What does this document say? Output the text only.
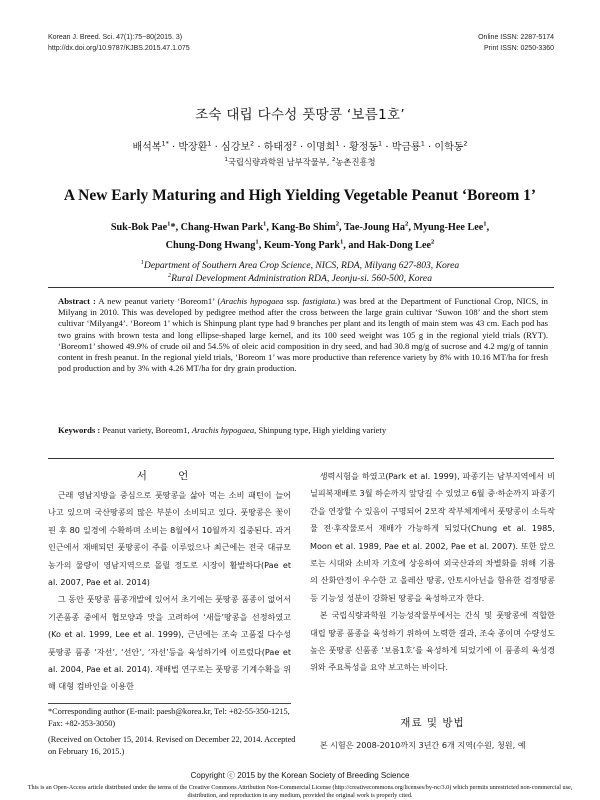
Korean J. Breed. Sci. 47(1):75~80(2015. 3)
http://dx.doi.org/10.9787/KJBS.2015.47.1.075
Online ISSN: 2287-5174
Print ISSN: 0250-3360
조숙 대립 다수성 풋땅콩 ‘보름1호’
배석복$^{1*}$ · 박장환$^1$ · 심강보$^2$ · 하태정$^2$ · 이명희$^1$ · 황정동$^1$ · 박금룡$^1$ · 이학동$^2$
$^1$국립식량과학원 남부작물부, $^2$농촌진흥청
A New Early Maturing and High Yielding Vegetable Peanut ‘Boreom 1’
Suk-Bok Pae$^1$*, Chang-Hwan Park$^1$, Kang-Bo Shim$^2$, Tae-Joung Ha$^2$, Myung-Hee Lee$^1$,
Chung-Dong Hwang$^1$, Keum-Yong Park$^1$, and Hak-Dong Lee$^2$
$^1$Department of Southern Area Crop Science, NICS, RDA, Milyang 627-803, Korea
$^2$Rural Development Administration RDA, Jeonju-si. 560-500, Korea
Abstract : A new peanut variety ‘Boreom1’ (Arachis hypogaea ssp. fastigiata.) was bred at the Department of Functional Crop, NICS, in Milyang in 2010. This was developed by pedigree method after the cross between the large grain cultivar ‘Suwon 108’ and the short stem cultivar ‘Milyang4’. ‘Boreom 1’ which is Shinpung plant type had 9 branches per plant and its length of main stem was 43 cm. Each pod has two grains with brown testa and long ellipse-shaped large kernel, and its 100 seed weight was 105 g in the regional yield trials (RYT). ‘Boreom1’ showed 49.9% of crude oil and 54.5% of oleic acid composition in dry seed, and had 30.8 mg/g of sucrose and 4.2 mg/g of tannin content in fresh peanut. In the regional yield trials, ‘Boreom 1’ was more productive than reference variety by 8% with 10.16 MT/ha for fresh pod production and by 3% with 4.26 MT/ha for dry grain production.
Keywords : Peanut variety, Boreom1, Arachis hypogaea, Shinpung type, High yielding variety
서 언

근래 영남지방을 중심으로 풋땅콩을 삶아 먹는 소비 패턴이 늘어 나고 있으며 국산땅콩의 많은 부분이 소비되고 있다. 풋땅콩은 꽃이 핀 후 80 일경에 수확하며 소비는 8월에서 10월까지 집중된다. 과거 인근에서 재배되던 풋땅콩이 주를 이루었으나 최근에는 전국 대규모 농가의 물량이 영남지역으로 몰릴 정도로 시장이 활발하다(Pae et al. 2007, Pae et al. 2014)

그 동안 풋땅콩 품종개발에 있어서 초기에는 풋땅콩 품종이 없어서 기존품종 중에서 협모양과 맛을 고려하여 ‘새들’땅콩을 선정하였고(Ko et al. 1999, Lee et al. 1999), 근년에는 조숙 고품질 다수성 풋땅콩 품종 ‘자선’, ‘선안’, ‘자선’등을 육성하기에 이르렀다(Pae et al. 2004, Pae et al. 2014). 재배법 연구로는 풋땅콩 기계수확을 위해 대형 컴바인을 이용한

*Corresponding author (E-mail: paesb@korea.kr, Tel: +82-55-350-1215, Fax: +82-353-3050)
(Received on October 15, 2014. Revised on December 22, 2014. Accepted on February 16, 2015.)

생력시험을 하였고(Park et al. 1999), 파종기는 남부지역에서 비닐피복재배로 3월 하순까지 앞당길 수 있었고 6월 중·하순까지 파종기간을 연장할 수 있음이 구명되어 2모작 작부체계에서 풋땅콩이 소득작물 전·후작물로서 재배가 가능하게 되었다(Chung et al. 1985, Moon et al. 1989, Pae et al. 2002, Pae et al. 2007). 또한 앞으로는 시대와 소비자 기호에 상응하여 외국산과의 차별화를 위해 기름의 산화안정이 우수한 고 올레산 땅콩, 안토시아닌을 함유한 검정땅콩 등 기능성 성분이 강화된 땅콩을 육성하고자 한다.

본 국립식량과학원 기능성작물부에서는 간식 및 풋땅콩에 적합한 대립 땅콩 품종을 육성하기 위하여 노력한 결과, 조숙 종이며 수량성도 높은 풋땅콩 신품종 ‘보름1호’를 육성하게 되었기에 이 품종의 육성경위와 주요특성을 요약 보고하는 바이다.

재료 및 방법

본 시험은 2008-2010까지 3년간 6개 지역(수원, 청원, 예

Copyright ⓒ 2015 by the Korean Society of Breeding Science
This is an Open-Access article distributed under the terms of the Creative Commons Attribution Non-Commercial License (http://creativecommons.org/licenses/by-nc/3.0) which permits unrestricted non-commercial use, distribution, and reproduction in any medium, provided the original work is properly cited.
